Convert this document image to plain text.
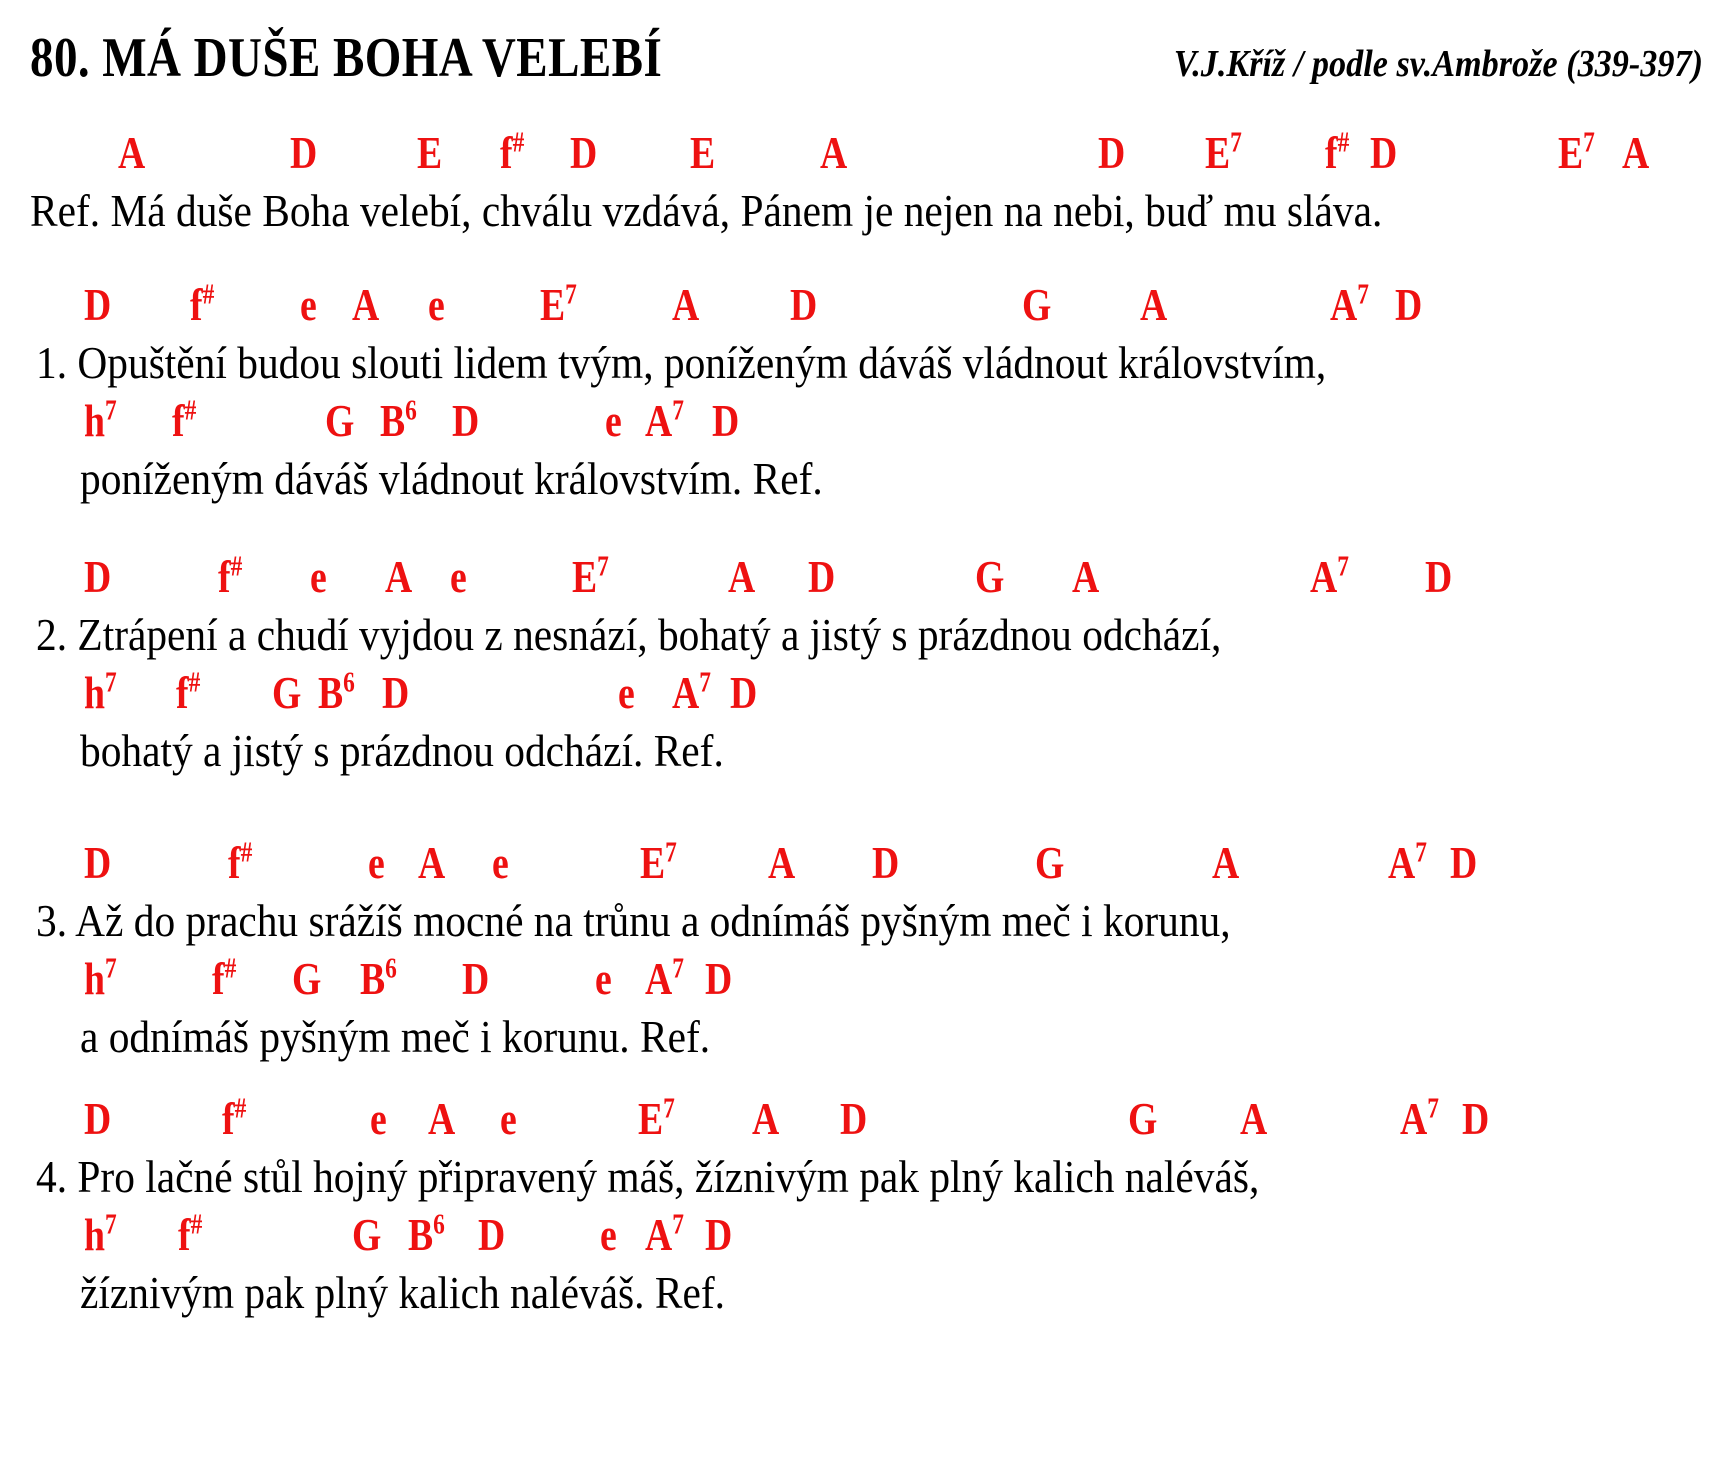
80. MÁ DUŠE BOHA VELEBÍ	V.J.Kříž / podle sv.Ambrože (339-397)
A	D E f# D E A	D $E^7$ f# D	$E^7$ A
Ref. Má duše Boha velebí, chválu vzdává, Pánem je nejen na nebi, buď mu sláva.
D f# e A e $E^7$ A D	G A	$A^7$ D
1. Opuštění budou slouti lidem tvým, poníženým dáváš vládnout královstvím,
$h^7$ f#	G $B^6$ D	e $A^7$ D
poníženým dáváš vládnout královstvím. Ref.
D f# e A e $E^7$	A D	G A	$A^7$ D
2. Ztrápení a chudí vyjdou z nesnází, bohatý a jistý s prázdnou odchází,
$h^7$ f# G $B^6$ D	e $A^7$ D
bohatý a jistý s prázdnou odchází. Ref.
D	f#	e A e	$E^7$ A D	G	A	$A^7$ D
3. Až do prachu srážíš mocné na trůnu a odnímáš pyšným meč i korunu,
$h^7$ f# G $B^6$ D e $A^7$ D
a odnímáš pyšným meč i korunu. Ref.
D f#	e A e	$E^7$ A D	G A	$A^7$ D
4. Pro lačné stůl hojný připravený máš, žíznivým pak plný kalich naléváš,
$h^7$ f#	G $B^6$ D e $A^7$ D
žíznivým pak plný kalich naléváš. Ref.
